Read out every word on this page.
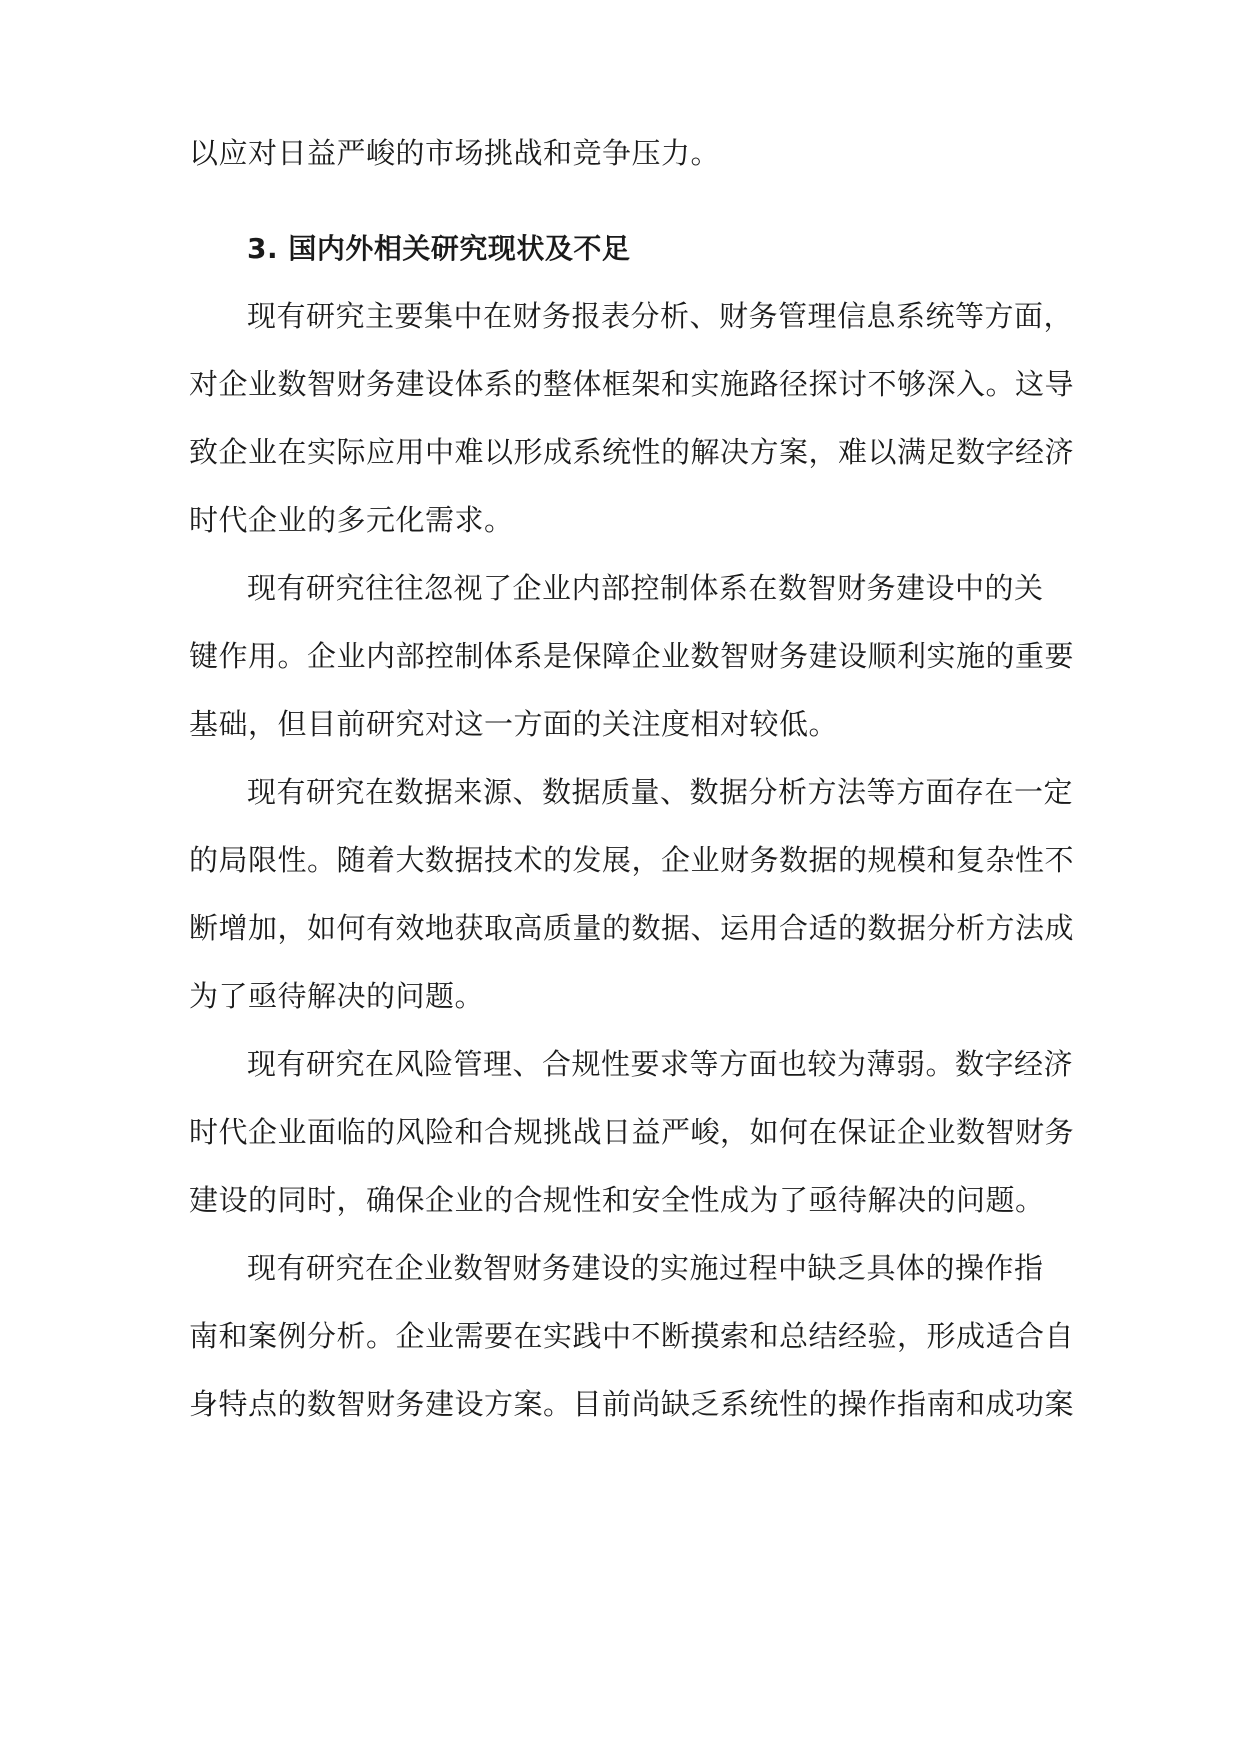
以应对日益严峻的市场挑战和竞争压力。
3. 国内外相关研究现状及不足
现有研究主要集中在财务报表分析、财务管理信息系统等方面，
对企业数智财务建设体系的整体框架和实施路径探讨不够深入。这导
致企业在实际应用中难以形成系统性的解决方案，难以满足数字经济
时代企业的多元化需求。
现有研究往往忽视了企业内部控制体系在数智财务建设中的关
键作用。企业内部控制体系是保障企业数智财务建设顺利实施的重要
基础，但目前研究对这一方面的关注度相对较低。
现有研究在数据来源、数据质量、数据分析方法等方面存在一定
的局限性。随着大数据技术的发展，企业财务数据的规模和复杂性不
断增加，如何有效地获取高质量的数据、运用合适的数据分析方法成
为了亟待解决的问题。
现有研究在风险管理、合规性要求等方面也较为薄弱。数字经济
时代企业面临的风险和合规挑战日益严峻，如何在保证企业数智财务
建设的同时，确保企业的合规性和安全性成为了亟待解决的问题。
现有研究在企业数智财务建设的实施过程中缺乏具体的操作指
南和案例分析。企业需要在实践中不断摸索和总结经验，形成适合自
身特点的数智财务建设方案。目前尚缺乏系统性的操作指南和成功案
